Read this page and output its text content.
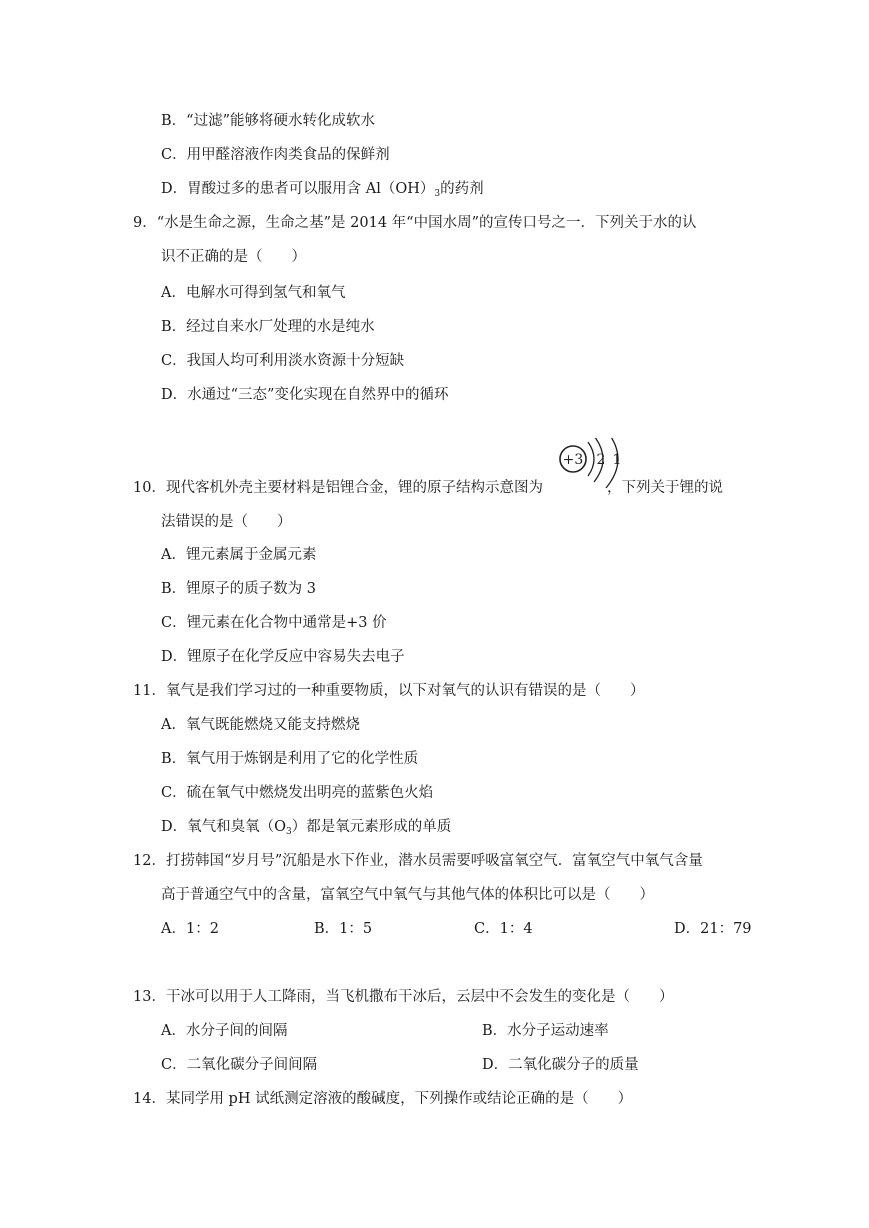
B．“过滤”能够将硬水转化成软水
C．用甲醛溶液作肉类食品的保鲜剂
D．胃酸过多的患者可以服用含 $Al(OH)_3$的药剂
9．“水是生命之源，生命之基”是 2014 年“中国水周”的宣传口号之一．下列关于水的认
识不正确的是（　　）
A．电解水可得到氢气和氧气
B．经过自来水厂处理的水是纯水
C．我国人均可利用淡水资源十分短缺
D．水通过“三态”变化实现在自然界中的循环
+3 2 1
10．现代客机外壳主要材料是铝锂合金，锂的原子结构示意图为	，下列关于锂的说
法错误的是（　　）
A．锂元素属于金属元素
B．锂原子的质子数为 3
C．锂元素在化合物中通常是+3 价
D．锂原子在化学反应中容易失去电子
11．氧气是我们学习过的一种重要物质，以下对氧气的认识有错误的是（　　）
A．氧气既能燃烧又能支持燃烧
B．氧气用于炼钢是利用了它的化学性质
C．硫在氧气中燃烧发出明亮的蓝紫色火焰
D．氧气和臭氧$(O_3)$都是氧元素形成的单质
12．打捞韩国“岁月号”沉船是水下作业，潜水员需要呼吸富氧空气．富氧空气中氧气含量
高于普通空气中的含量，富氧空气中氧气与其他气体的体积比可以是（　　）
A．1：2	B．1：5	C．1：4	D．21：79
13．干冰可以用于人工降雨，当飞机撒布干冰后，云层中不会发生的变化是（　　）
A．水分子间的间隔	B．水分子运动速率
C．二氧化碳分子间间隔	D．二氧化碳分子的质量
14．某同学用 pH 试纸测定溶液的酸碱度，下列操作或结论正确的是（　　）
